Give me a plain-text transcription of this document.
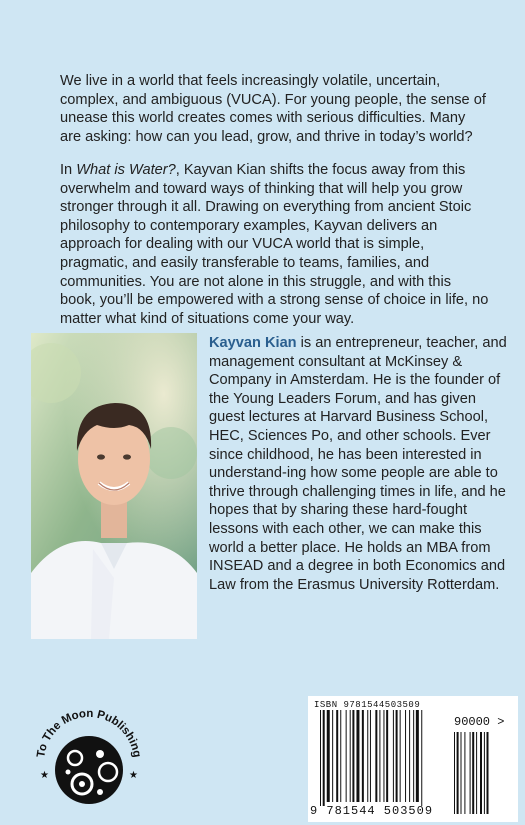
We live in a world that feels increasingly volatile, uncertain, complex, and ambiguous (VUCA). For young people, the sense of unease this world creates comes with serious difficulties. Many are asking: how can you lead, grow, and thrive in today’s world?

In What is Water?, Kayvan Kian shifts the focus away from this overwhelm and toward ways of thinking that will help you grow stronger through it all. Drawing on everything from ancient Stoic philosophy to contemporary examples, Kayvan delivers an approach for dealing with our VUCA world that is simple, pragmatic, and easily transferable to teams, families, and communities. You are not alone in this struggle, and with this book, you’ll be empowered with a strong sense of choice in life, no matter what kind of situations come your way.

Kayvan Kian is an entrepreneur, teacher, and management consultant at McKinsey & Company in Amsterdam. He is the founder of the Young Leaders Forum, and has given guest lectures at Harvard Business School, HEC, Sciences Po, and other schools. Ever since childhood, he has been interested in understand-ing how some people are able to thrive through challenging times in life, and he hopes that by sharing these hard-fought lessons with each other, we can make this world a better place. He holds an MBA from INSEAD and a degree in both Economics and Law from the Erasmus University Rotterdam.

To The Moon Publishing
★	★
ISBN 9781544503509
90000 >
9 781544 503509
